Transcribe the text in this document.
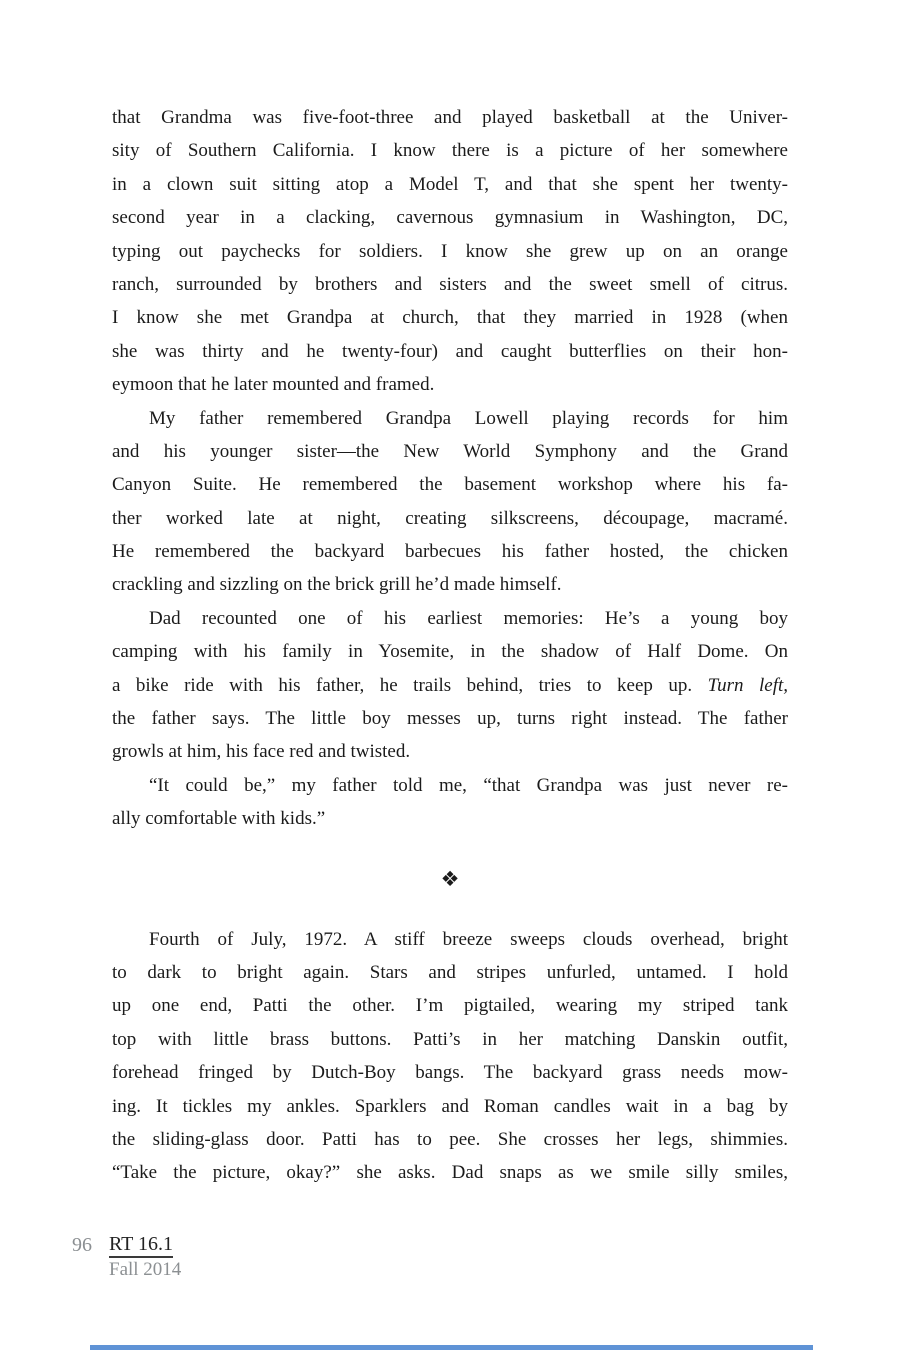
that Grandma was five-foot-three and played basketball at the Univer-
sity of Southern California. I know there is a picture of her somewhere
in a clown suit sitting atop a Model T, and that she spent her twenty-
second year in a clacking, cavernous gymnasium in Washington, DC,
typing out paychecks for soldiers. I know she grew up on an orange
ranch, surrounded by brothers and sisters and the sweet smell of citrus.
I know she met Grandpa at church, that they married in 1928 (when
she was thirty and he twenty-four) and caught butterflies on their hon-
eymoon that he later mounted and framed.
My father remembered Grandpa Lowell playing records for him
and his younger sister—the New World Symphony and the Grand
Canyon Suite. He remembered the basement workshop where his fa-
ther worked late at night, creating silkscreens, découpage, macramé.
He remembered the backyard barbecues his father hosted, the chicken
crackling and sizzling on the brick grill he’d made himself.
Dad recounted one of his earliest memories: He’s a young boy
camping with his family in Yosemite, in the shadow of Half Dome. On
a bike ride with his father, he trails behind, tries to keep up. Turn left,
the father says. The little boy messes up, turns right instead. The father
growls at him, his face red and twisted.
“It could be,” my father told me, “that Grandpa was just never re-
ally comfortable with kids.”
❖
Fourth of July, 1972. A stiff breeze sweeps clouds overhead, bright
to dark to bright again. Stars and stripes unfurled, untamed. I hold
up one end, Patti the other. I’m pigtailed, wearing my striped tank
top with little brass buttons. Patti’s in her matching Danskin outfit,
forehead fringed by Dutch-Boy bangs. The backyard grass needs mow-
ing. It tickles my ankles. Sparklers and Roman candles wait in a bag by
the sliding-glass door. Patti has to pee. She crosses her legs, shimmies.
“Take the picture, okay?” she asks. Dad snaps as we smile silly smiles,
96 RT 16.1
Fall 2014
